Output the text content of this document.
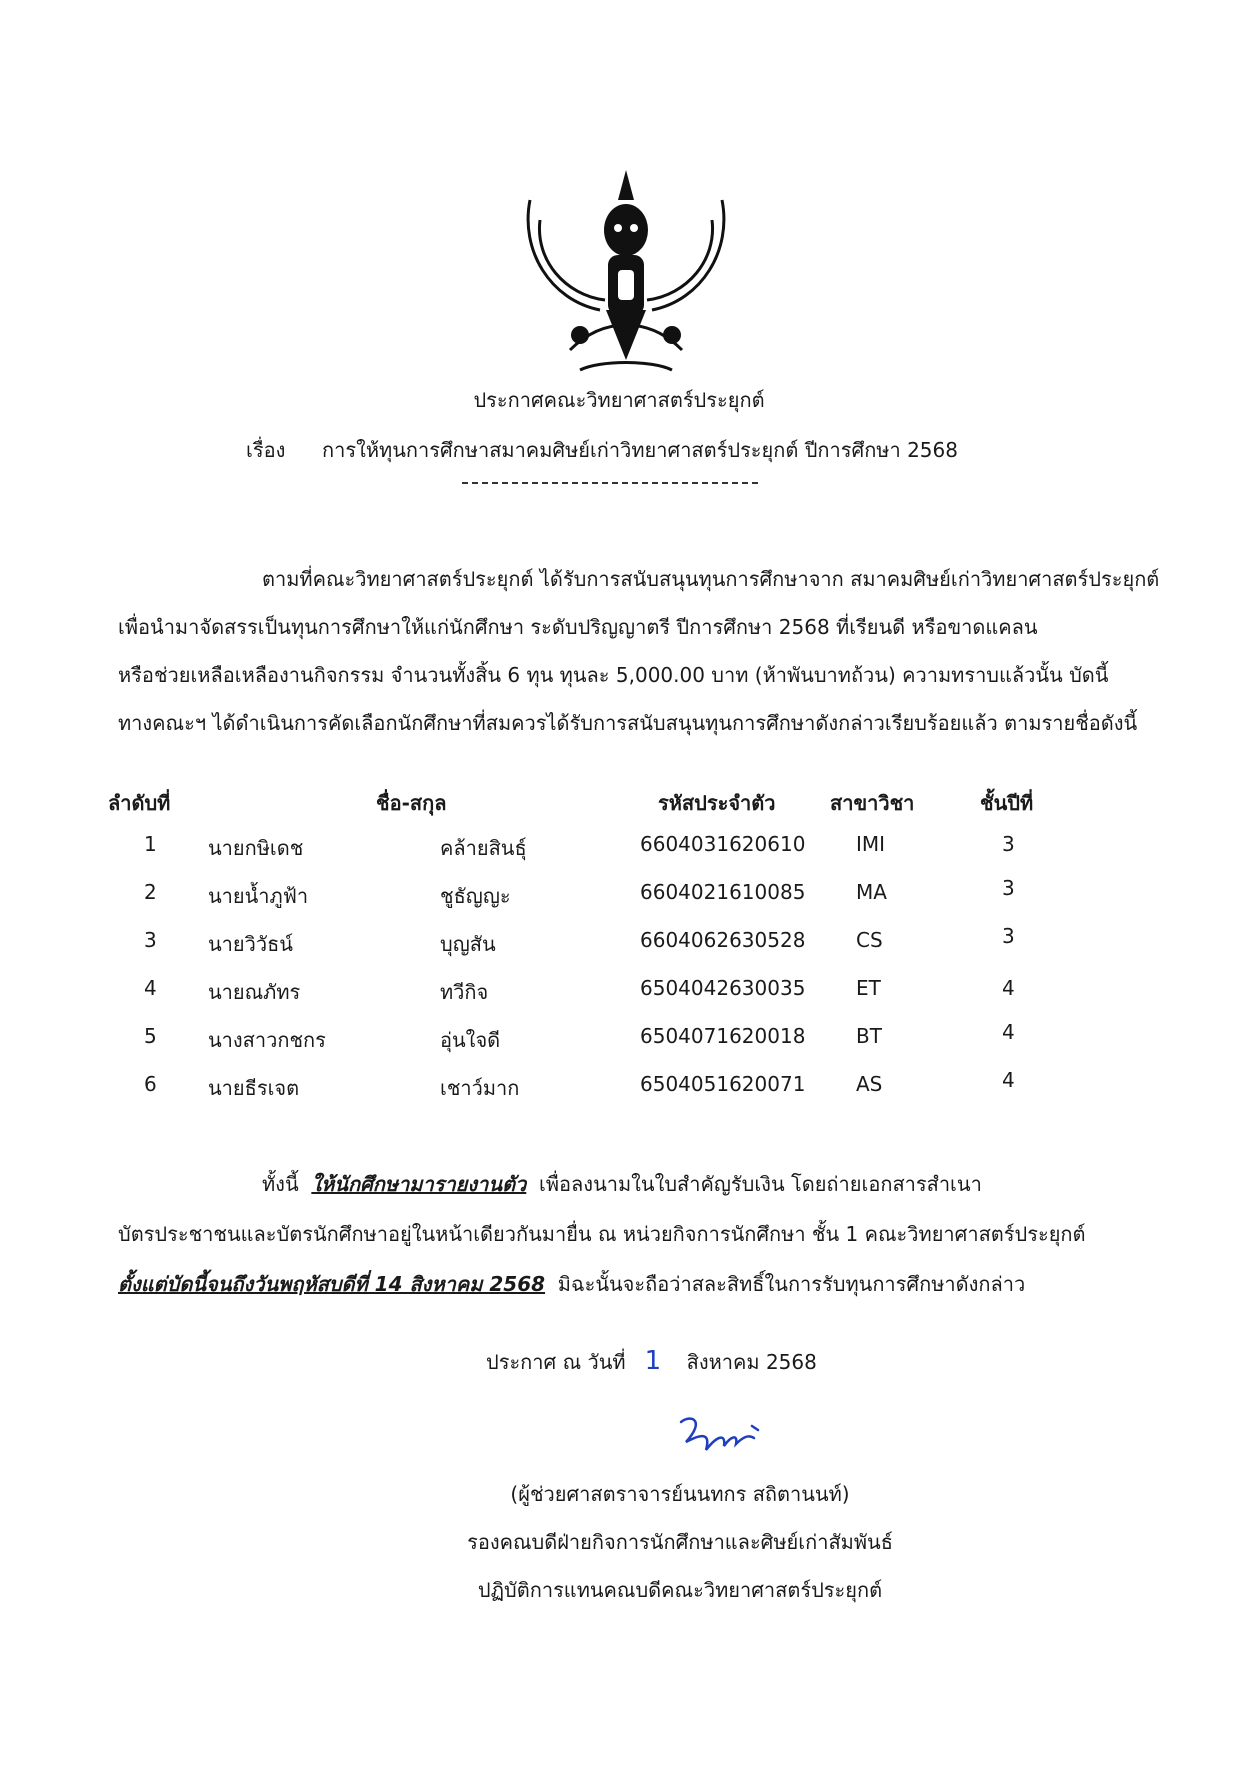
ประกาศคณะวิทยาศาสตร์ประยุกต์
เรื่อง การให้ทุนการศึกษาสมาคมศิษย์เก่าวิทยาศาสตร์ประยุกต์ ปีการศึกษา 2568
ตามที่คณะวิทยาศาสตร์ประยุกต์ ได้รับการสนับสนุนทุนการศึกษาจาก สมาคมศิษย์เก่าวิทยาศาสตร์ประยุกต์
เพื่อนำมาจัดสรรเป็นทุนการศึกษาให้แก่นักศึกษา ระดับปริญญาตรี ปีการศึกษา 2568 ที่เรียนดี หรือขาดแคลน
หรือช่วยเหลือเหลืองานกิจกรรม จำนวนทั้งสิ้น 6 ทุน ทุนละ 5,000.00 บาท (ห้าพันบาทถ้วน) ความทราบแล้วนั้น บัดนี้
ทางคณะฯ ได้ดำเนินการคัดเลือกนักศึกษาที่สมควรได้รับการสนับสนุนทุนการศึกษาดังกล่าวเรียบร้อยแล้ว ตามรายชื่อดังนี้
ลำดับที่	ชื่อ-สกุล	รหัสประจำตัว	สาขาวิชา	ชั้นปีที่
1	นายกษิเดช	คล้ายสินธุ์	6604031620610	IMI	3
2	นายน้ำภูฟ้า	ชูธัญญะ	6604021610085	MA	3
3	นายวิวัธน์	บุญสัน	6604062630528	CS	3
4	นายณภัทร	ทวีกิจ	6504042630035	ET	4
5	นางสาวกชกร	อุ่นใจดี	6504071620018	BT	4
6	นายธีรเจต	เชาว์มาก	6504051620071	AS	4
ทั้งนี้ ให้นักศึกษามารายงานตัว เพื่อลงนามในใบสำคัญรับเงิน โดยถ่ายเอกสารสำเนา
บัตรประชาชนและบัตรนักศึกษาอยู่ในหน้าเดียวกันมายื่น ณ หน่วยกิจการนักศึกษา ชั้น 1 คณะวิทยาศาสตร์ประยุกต์
ตั้งแต่บัดนี้จนถึงวันพฤหัสบดีที่ 14 สิงหาคม 2568 มิฉะนั้นจะถือว่าสละสิทธิ์ในการรับทุนการศึกษาดังกล่าว
ประกาศ ณ วันที่ 1 สิงหาคม 2568
(ผู้ช่วยศาสตราจารย์นนทกร สถิตานนท์)
รองคณบดีฝ่ายกิจการนักศึกษาและศิษย์เก่าสัมพันธ์
ปฏิบัติการแทนคณบดีคณะวิทยาศาสตร์ประยุกต์
